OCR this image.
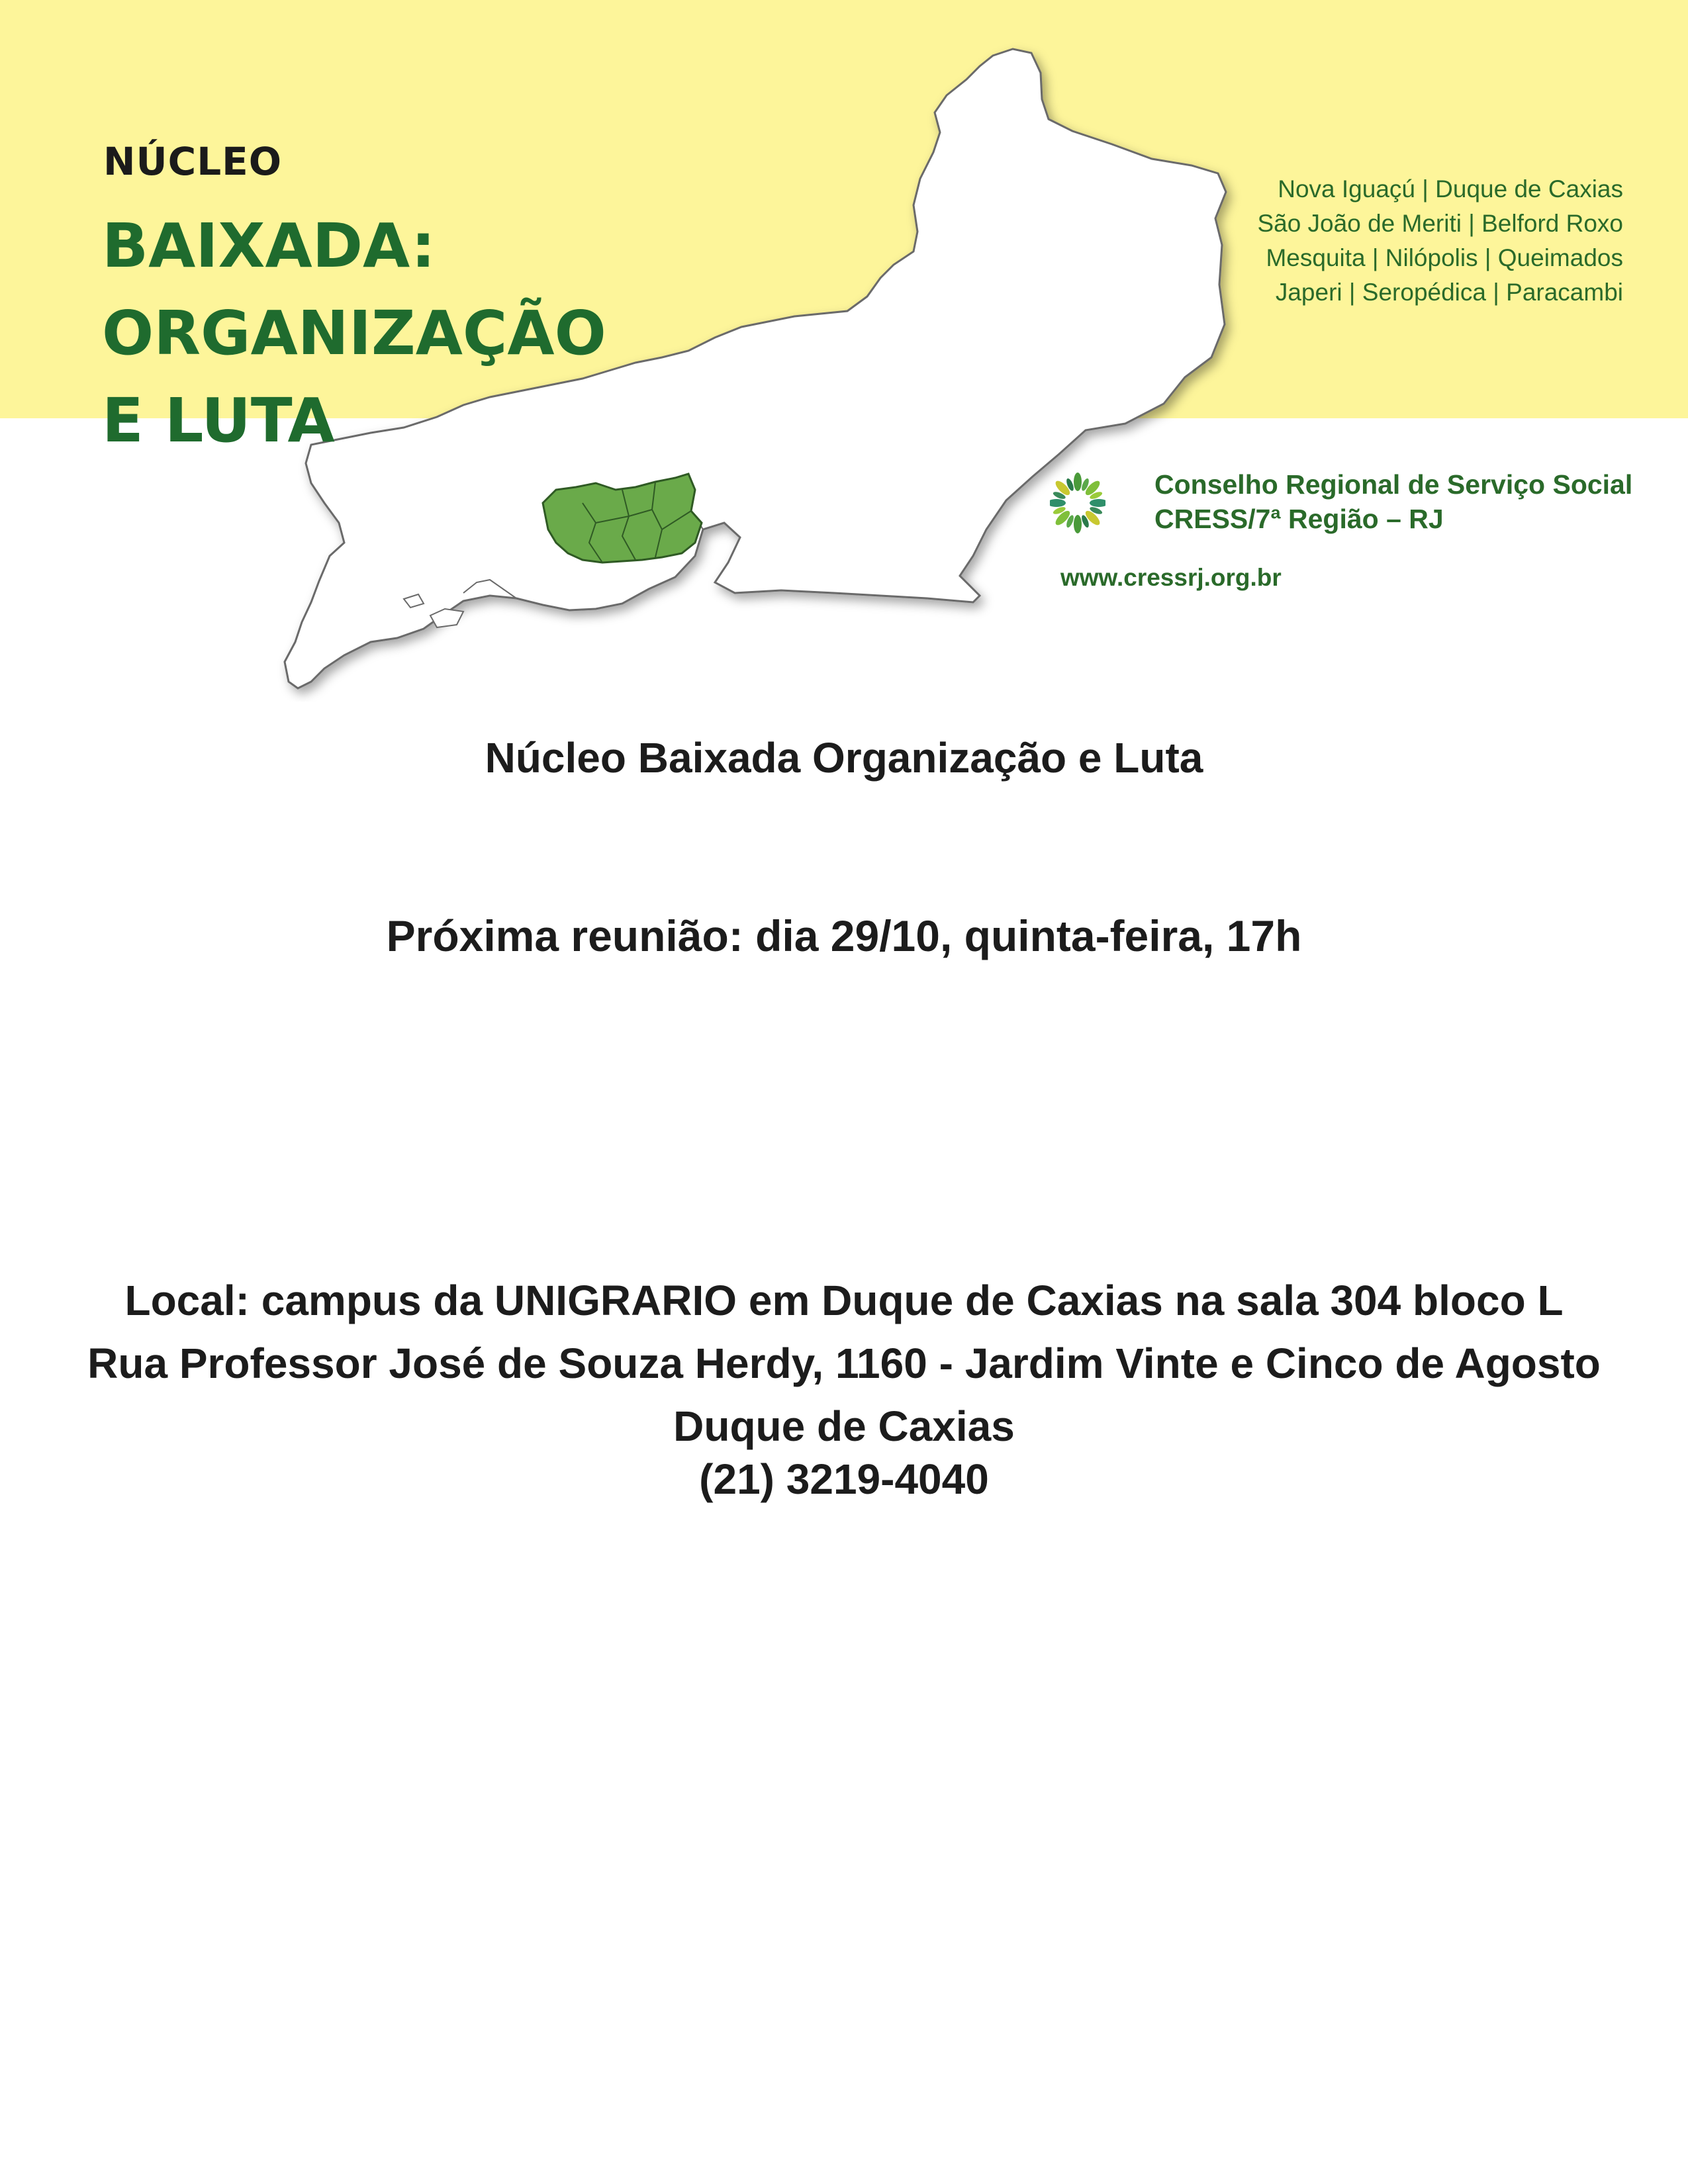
NÚCLEO
BAIXADA: ORGANIZAÇÃO
E LUTA
Nova Iguaçú | Duque de Caxias
São João de Meriti | Belford Roxo
Mesquita | Nilópolis | Queimados
Japeri | Seropédica | Paracambi
Conselho Regional de Serviço Social
CRESS/7ª Região – RJ
www.cressrj.org.br
Núcleo Baixada Organização e Luta
Próxima reunião: dia 29/10, quinta-feira, 17h
Local: campus da UNIGRARIO em Duque de Caxias na sala 304 bloco L
Rua Professor José de Souza Herdy, 1160 - Jardim Vinte e Cinco de Agosto
Duque de Caxias
(21) 3219-4040
